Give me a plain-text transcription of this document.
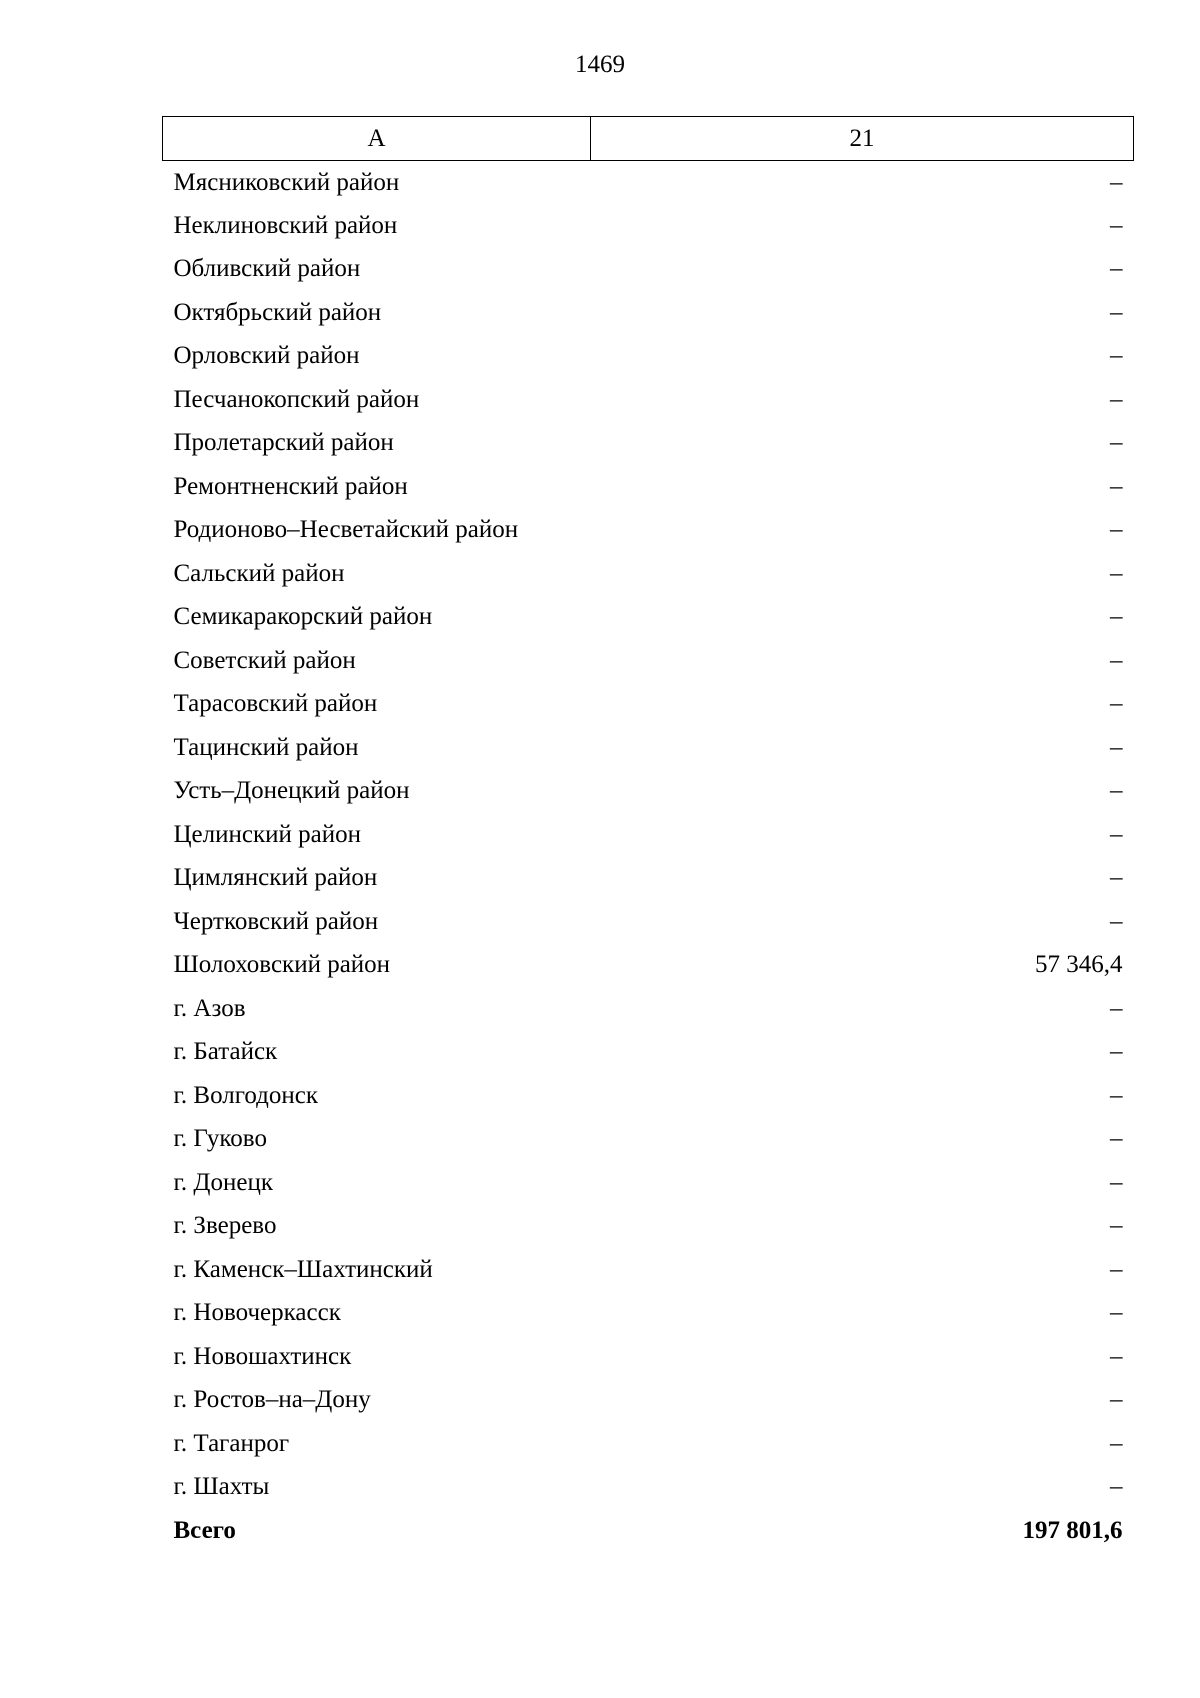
1469
А	21
Мясниковский район	–
Неклиновский район	–
Обливский район	–
Октябрьский район	–
Орловский район	–
Песчанокопский район	–
Пролетарский район	–
Ремонтненский район	–
Родионово–Несветайский район	–
Сальский район	–
Семикаракорский район	–
Советский район	–
Тарасовский район	–
Тацинский район	–
Усть–Донецкий район	–
Целинский район	–
Цимлянский район	–
Чертковский район	–
Шолоховский район	57 346,4
г. Азов	–
г. Батайск	–
г. Волгодонск	–
г. Гуково	–
г. Донецк	–
г. Зверево	–
г. Каменск–Шахтинский	–
г. Новочеркасск	–
г. Новошахтинск	–
г. Ростов–на–Дону	–
г. Таганрог	–
г. Шахты	–
Всего	197 801,6
